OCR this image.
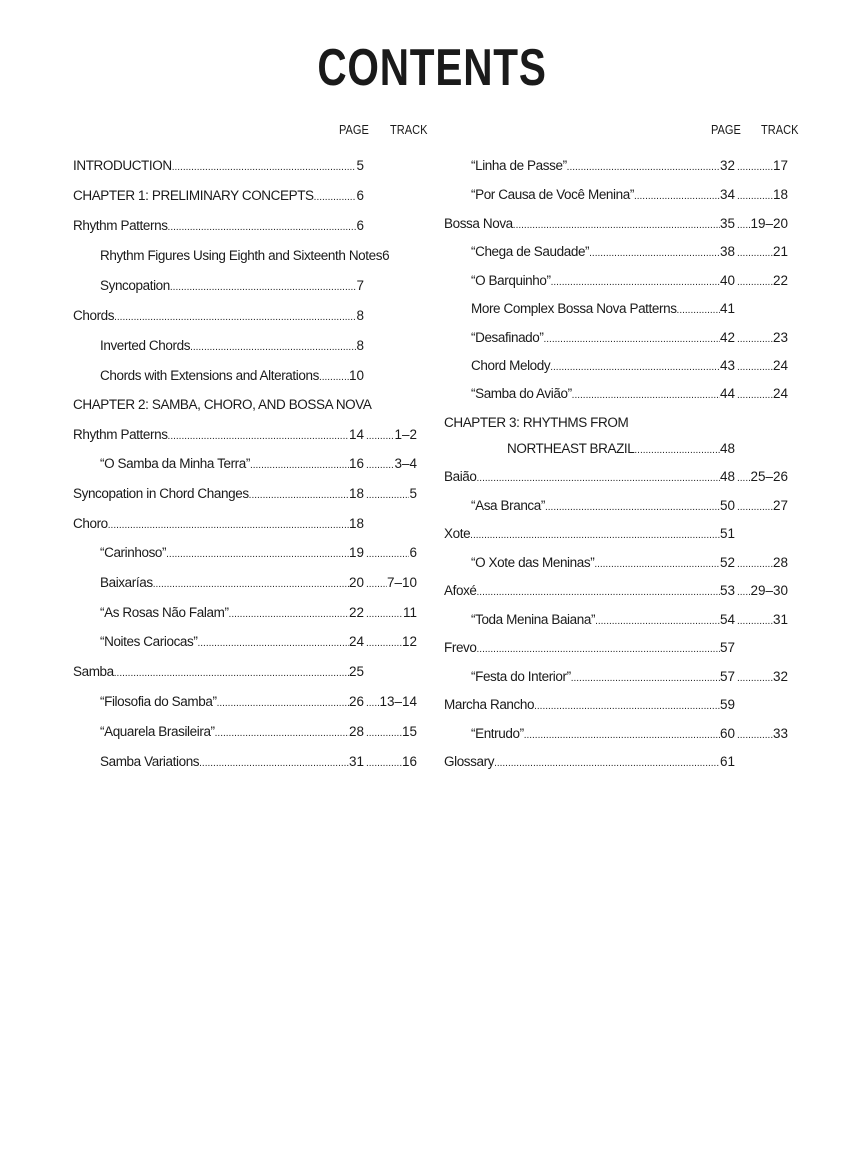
CONTENTS
PAGE TRACK	PAGE TRACK
INTRODUCTION .....	5
CHAPTER 1: PRELIMINARY CONCEPTS .....	6
Rhythm Patterns .....	6
Rhythm Figures Using Eighth and Sixteenth Notes 6
Syncopation .....	7
Chords .....	8
Inverted Chords .....	8
Chords with Extensions and Alterations ..... 10
CHAPTER 2: SAMBA, CHORO, AND BOSSA NOVA
Rhythm Patterns .....	14 ..... 1–2
“O Samba da Minha Terra” .....	16 ..... 3–4
Syncopation in Chord Changes .....	18 .....	5
Choro .....	18
“Carinhoso” .....	19 .....	6
Baixarías .....	20 ..... 7–10
“As Rosas Não Falam” .....	22 .....	11
“Noites Cariocas” .....	24 .....	12
Samba .....	25
“Filosofia do Samba” .....	26 ..... 13–14
“Aquarela Brasileira” .....	28 .....	15
Samba Variations .....	31 .....	16
“Linha de Passe” .....	32 .....	17
“Por Causa de Você Menina” .....	34 .....	18
Bossa Nova .....	35 ..... 19–20
“Chega de Saudade” .....	38 .....	21
“O Barquinho” .....	40 .....	22
More Complex Bossa Nova Patterns .....	41
“Desafinado” .....	42 .....	23
Chord Melody .....	43 .....	24
“Samba do Avião” .....	44 .....	24
CHAPTER 3: RHYTHMS FROM
NORTHEAST BRAZIL .....	48
Baião .....	48 ..... 25–26
“Asa Branca” .....	50 .....	27
Xote .....	51
“O Xote das Meninas” .....	52 .....	28
Afoxé .....	53 ..... 29–30
“Toda Menina Baiana” .....	54 .....	31
Frevo .....	57
“Festa do Interior” .....	57 .....	32
Marcha Rancho .....	59
“Entrudo” .....	60 .....	33
Glossary .....	61
